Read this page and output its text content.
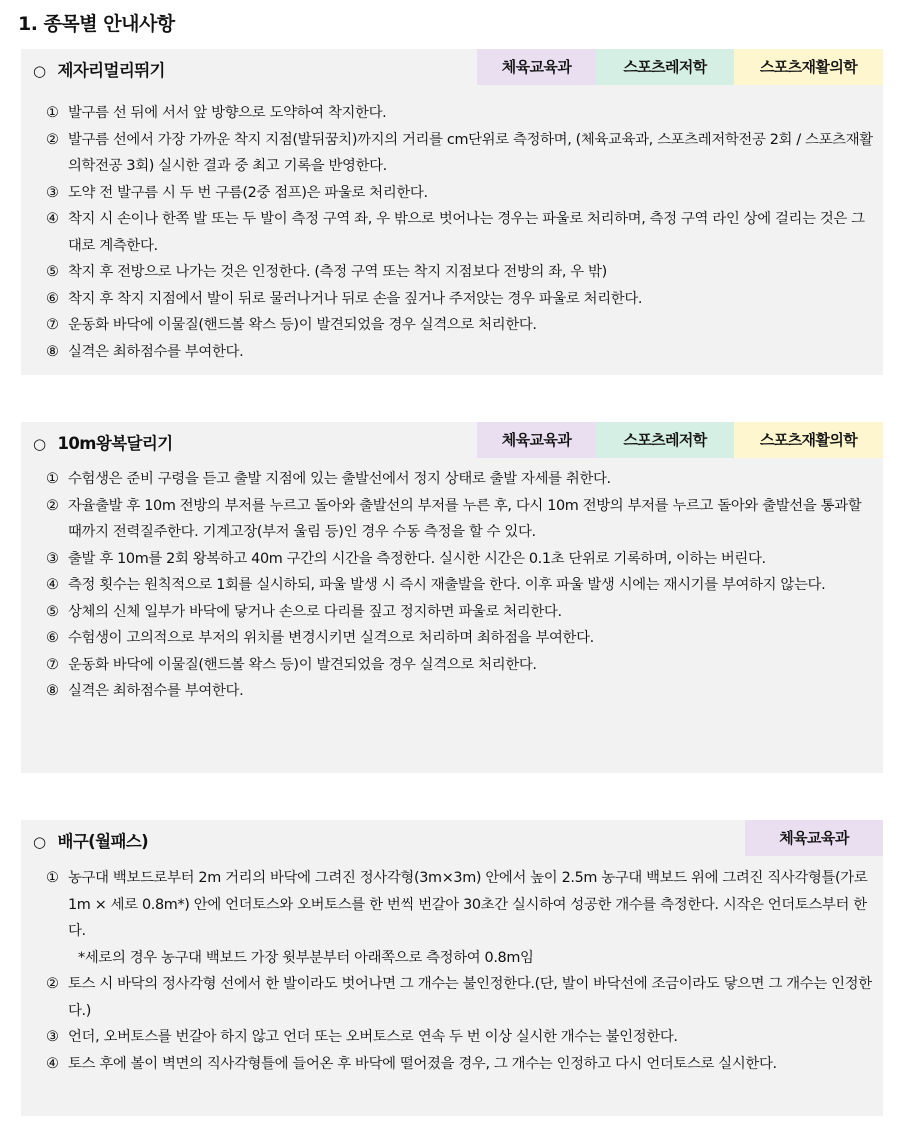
1. 종목별 안내사항
○ 제자리멀리뛰기	체육교육과	스포츠레저학	스포츠재활의학
① 발구름 선 뒤에 서서 앞 방향으로 도약하여 착지한다.
② 발구름 선에서 가장 가까운 착지 지점(발뒤꿈치)까지의 거리를 cm단위로 측정하며, (체육교육과, 스포츠레저학전공 2회 / 스포츠재활의학전공 3회) 실시한 결과 중 최고 기록을 반영한다.
③ 도약 전 발구름 시 두 번 구름(2중 점프)은 파울로 처리한다.
④ 착지 시 손이나 한쪽 발 또는 두 발이 측정 구역 좌, 우 밖으로 벗어나는 경우는 파울로 처리하며, 측정 구역 라인 상에 걸리는 것은 그대로 계측한다.
⑤ 착지 후 전방으로 나가는 것은 인정한다. (측정 구역 또는 착지 지점보다 전방의 좌, 우 밖)
⑥ 착지 후 착지 지점에서 발이 뒤로 물러나거나 뒤로 손을 짚거나 주저앉는 경우 파울로 처리한다.
⑦ 운동화 바닥에 이물질(핸드볼 왁스 등)이 발견되었을 경우 실격으로 처리한다.
⑧ 실격은 최하점수를 부여한다.
○ 10m왕복달리기	체육교육과	스포츠레저학	스포츠재활의학
① 수험생은 준비 구령을 듣고 출발 지점에 있는 출발선에서 정지 상태로 출발 자세를 취한다.
② 자율출발 후 10m 전방의 부저를 누르고 돌아와 출발선의 부저를 누른 후, 다시 10m 전방의 부저를 누르고 돌아와 출발선을 통과할 때까지 전력질주한다. 기계고장(부저 울림 등)인 경우 수동 측정을 할 수 있다.
③ 출발 후 10m를 2회 왕복하고 40m 구간의 시간을 측정한다. 실시한 시간은 0.1초 단위로 기록하며, 이하는 버린다.
④ 측정 횟수는 원칙적으로 1회를 실시하되, 파울 발생 시 즉시 재출발을 한다. 이후 파울 발생 시에는 재시기를 부여하지 않는다.
⑤ 상체의 신체 일부가 바닥에 닿거나 손으로 다리를 짚고 정지하면 파울로 처리한다.
⑥ 수험생이 고의적으로 부저의 위치를 변경시키면 실격으로 처리하며 최하점을 부여한다.
⑦ 운동화 바닥에 이물질(핸드볼 왁스 등)이 발견되었을 경우 실격으로 처리한다.
⑧ 실격은 최하점수를 부여한다.
○ 배구(월패스)	체육교육과
① 농구대 백보드로부터 2m 거리의 바닥에 그려진 정사각형(3m×3m) 안에서 높이 2.5m 농구대 백보드 위에 그려진 직사각형틀(가로 1m × 세로 0.8m*) 안에 언더토스와 오버토스를 한 번씩 번갈아 30초간 실시하여 성공한 개수를 측정한다. 시작은 언더토스부터 한다.
*세로의 경우 농구대 백보드 가장 윗부분부터 아래쪽으로 측정하여 0.8m임
② 토스 시 바닥의 정사각형 선에서 한 발이라도 벗어나면 그 개수는 불인정한다.(단, 발이 바닥선에 조금이라도 닿으면 그 개수는 인정한다.)
③ 언더, 오버토스를 번갈아 하지 않고 언더 또는 오버토스로 연속 두 번 이상 실시한 개수는 불인정한다.
④ 토스 후에 볼이 벽면의 직사각형틀에 들어온 후 바닥에 떨어졌을 경우, 그 개수는 인정하고 다시 언더토스로 실시한다.
